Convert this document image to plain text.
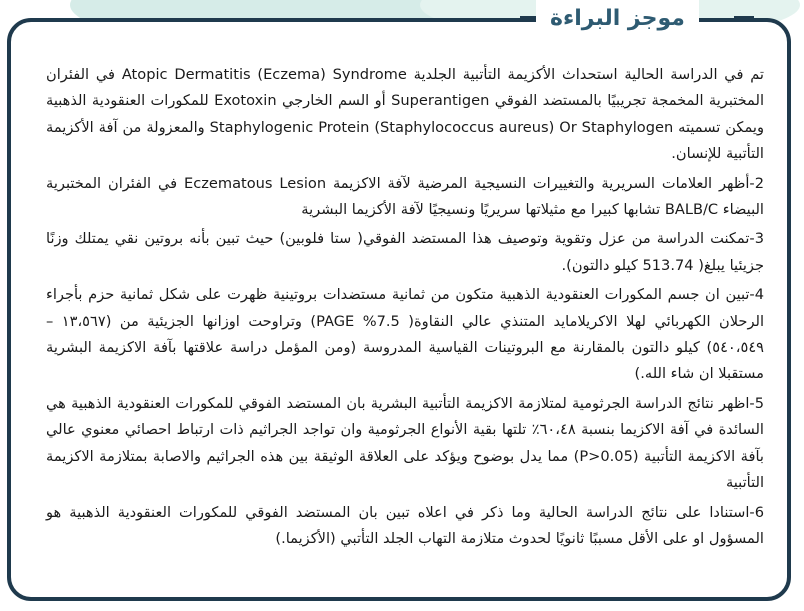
موجز البراءة

تم في الدراسة الحالية استحداث الأكزيمة التأتبية الجلدية Atopic Dermatitis (Eczema) Syndrome في الفئران المختبرية المخمجة تجريبيًا بالمستضد الفوقي Superantigen أو السم الخارجي Exotoxin للمكورات العنقودية الذهبية ويمكن تسميته Staphylogenic Protein (Staphylococcus aureus) Or Staphylogen والمعزولة من آفة الأكزيمة التأتبية للإنسان.

2-أظهر العلامات السريرية والتغييرات النسيجية المرضية لآفة الاكزيمة Eczematous Lesion في الفئران المختبرية البيضاء BALB/C تشابها كبيرا مع مثيلاتها سريريًا ونسيجيًا لآفة الأكزيما البشرية

3-تمكنت الدراسة من عزل وتقوية وتوصيف هذا المستضد الفوقي( ستا فلوبين) حيث تبين بأنه بروتين نقي يمتلك وزنًا جزيئيا يبلغ( 513.74 كيلو دالتون).

4-تبين ان جسم المكورات العنقودية الذهبية متكون من ثمانية مستضدات بروتينية ظهرت على شكل ثمانية حزم بأجراء الرحلان الكهربائي لهلا الاكريلامايد المتنذي عالي النقاوة( 7.5% PAGE) وتراوحت اوزانها الجزيئية من (١٣،٥٦٧ – ٥٤٠،٥٤٩) كيلو دالتون بالمقارنة مع البروتينات القياسية المدروسة (ومن المؤمل دراسة علاقتها بآفة الاكزيمة البشرية مستقبلا ان شاء الله.)

5-اظهر نتائج الدراسة الجرثومية لمتلازمة الاكزيمة التأتبية البشرية بان المستضد الفوقي للمكورات العنقودية الذهبية هي السائدة في آفة الاكزيما بنسبة ٦٠،٤٨٪ تلتها بقية الأنواع الجرثومية وان تواجد الجراثيم ذات ارتباط احصائي معنوي عالي بآفة الاكزيمة التأتبية (P>0.05) مما يدل بوضوح ويؤكد على العلاقة الوثيقة بين هذه الجراثيم والاصابة بمتلازمة الاكزيمة التأتبية

6-استنادا على نتائج الدراسة الحالية وما ذكر في اعلاه تبين بان المستضد الفوقي للمكورات العنقودية الذهبية هو المسؤول او على الأقل مسببًا ثانويًا لحدوث متلازمة التهاب الجلد التأتبي (الأكزيما.)
